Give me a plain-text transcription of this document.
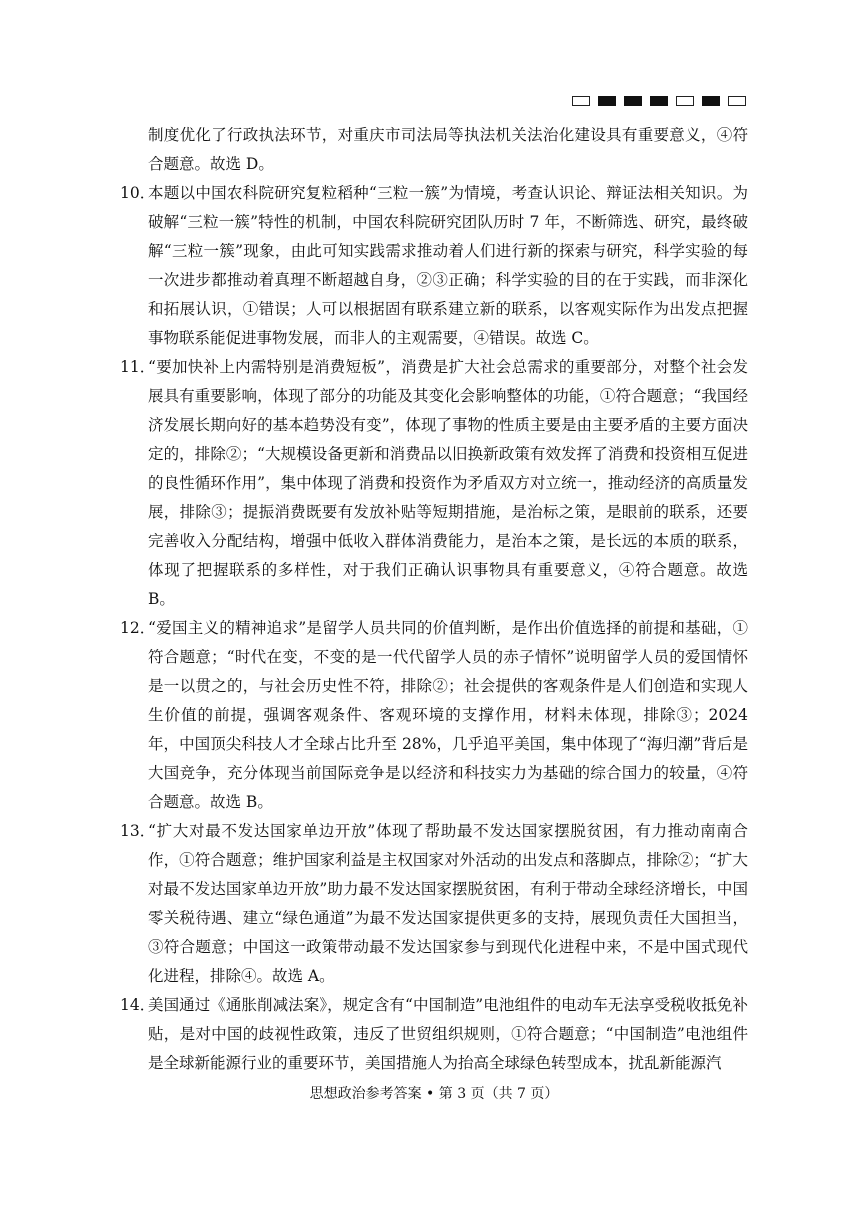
制度优化了行政执法环节，对重庆市司法局等执法机关法治化建设具有重要意义，④符合题意。故选 D。

10．
本题以中国农科院研究复粒稻种“三粒一簇”为情境，考查认识论、辩证法相关知识。为破解“三粒一簇”特性的机制，中国农科院研究团队历时 7 年，不断筛选、研究，最终破解“三粒一簇”现象，由此可知实践需求推动着人们进行新的探索与研究，科学实验的每一次进步都推动着真理不断超越自身，②③正确；科学实验的目的在于实践，而非深化和拓展认识，①错误；人可以根据固有联系建立新的联系，以客观实际作为出发点把握事物联系能促进事物发展，而非人的主观需要，④错误。故选 C。
11．
“要加快补上内需特别是消费短板”，消费是扩大社会总需求的重要部分，对整个社会发展具有重要影响，体现了部分的功能及其变化会影响整体的功能，①符合题意；“我国经济发展长期向好的基本趋势没有变”，体现了事物的性质主要是由主要矛盾的主要方面决定的，排除②；“大规模设备更新和消费品以旧换新政策有效发挥了消费和投资相互促进的良性循环作用”，集中体现了消费和投资作为矛盾双方对立统一，推动经济的高质量发展，排除③；提振消费既要有发放补贴等短期措施，是治标之策，是眼前的联系，还要完善收入分配结构，增强中低收入群体消费能力，是治本之策，是长远的本质的联系，体现了把握联系的多样性，对于我们正确认识事物具有重要意义，④符合题意。故选 B。
12．
“爱国主义的精神追求”是留学人员共同的价值判断，是作出价值选择的前提和基础，①符合题意；“时代在变，不变的是一代代留学人员的赤子情怀”说明留学人员的爱国情怀是一以贯之的，与社会历史性不符，排除②；社会提供的客观条件是人们创造和实现人生价值的前提，强调客观条件、客观环境的支撑作用，材料未体现，排除③；2024 年，中国顶尖科技人才全球占比升至 28%，几乎追平美国，集中体现了“海归潮”背后是大国竞争，充分体现当前国际竞争是以经济和科技实力为基础的综合国力的较量，④符合题意。故选 B。
13．
“扩大对最不发达国家单边开放”体现了帮助最不发达国家摆脱贫困，有力推动南南合作，①符合题意；维护国家利益是主权国家对外活动的出发点和落脚点，排除②；“扩大对最不发达国家单边开放”助力最不发达国家摆脱贫困，有利于带动全球经济增长，中国零关税待遇、建立“绿色通道”为最不发达国家提供更多的支持，展现负责任大国担当，③符合题意；中国这一政策带动最不发达国家参与到现代化进程中来，不是中国式现代化进程，排除④。故选 A。
14．
美国通过《通胀削减法案》，规定含有“中国制造”电池组件的电动车无法享受税收抵免补贴，是对中国的歧视性政策，违反了世贸组织规则，①符合题意；“中国制造”电池组件是全球新能源行业的重要环节，美国措施人为抬高全球绿色转型成本，扰乱新能源汽
思想政治参考答案 • 第 3 页（共 7 页）
